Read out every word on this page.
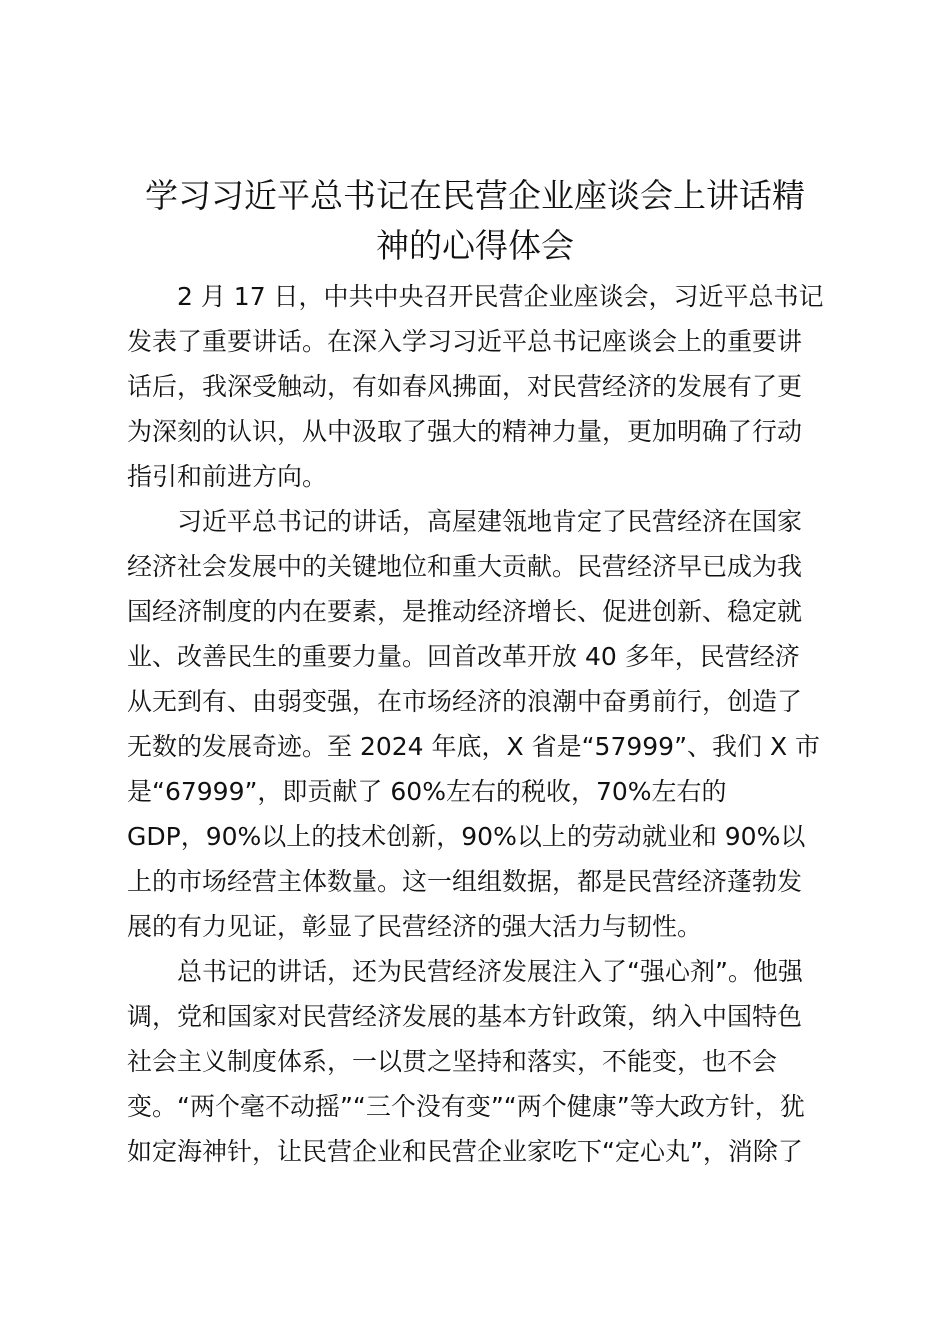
学习习近平总书记在民营企业座谈会上讲话精
神的心得体会

2 月 17 日，中共中央召开民营企业座谈会，习近平总书记

发表了重要讲话。在深入学习习近平总书记座谈会上的重要讲

话后，我深受触动，有如春风拂面，对民营经济的发展有了更

为深刻的认识，从中汲取了强大的精神力量，更加明确了行动

指引和前进方向。

习近平总书记的讲话，高屋建瓴地肯定了民营经济在国家

经济社会发展中的关键地位和重大贡献。民营经济早已成为我

国经济制度的内在要素，是推动经济增长、促进创新、稳定就

业、改善民生的重要力量。回首改革开放 40 多年，民营经济

从无到有、由弱变强，在市场经济的浪潮中奋勇前行，创造了

无数的发展奇迹。至 2024 年底，X 省是“57999”、我们 X 市

是“67999”，即贡献了 60%左右的税收，70%左右的

GDP，90%以上的技术创新，90%以上的劳动就业和 90%以

上的市场经营主体数量。这一组组数据，都是民营经济蓬勃发

展的有力见证，彰显了民营经济的强大活力与韧性。

总书记的讲话，还为民营经济发展注入了“强心剂”。他强

调，党和国家对民营经济发展的基本方针政策，纳入中国特色

社会主义制度体系，一以贯之坚持和落实，不能变，也不会

变。“两个毫不动摇”“三个没有变”“两个健康”等大政方针，犹

如定海神针，让民营企业和民营企业家吃下“定心丸”，消除了
